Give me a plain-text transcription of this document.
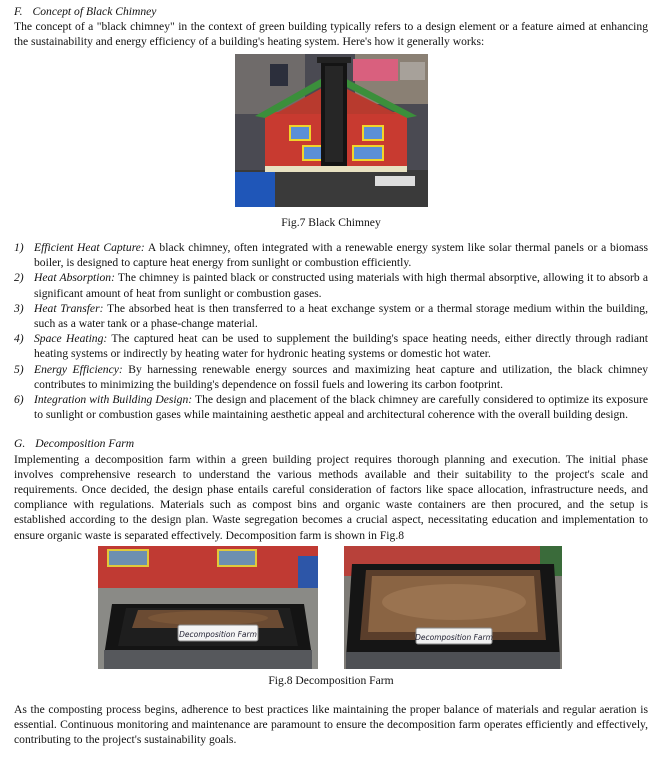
F. Concept of Black Chimney

The concept of a "black chimney" in the context of green building typically refers to a design element or a feature aimed at enhancing the sustainability and energy efficiency of a building's heating system. Here's how it generally works:

Fig.7 Black Chimney

1) Efficient Heat Capture: A black chimney, often integrated with a renewable energy system like solar thermal panels or a biomass boiler, is designed to capture heat energy from sunlight or combustion efficiently.
2) Heat Absorption: The chimney is painted black or constructed using materials with high thermal absorptive, allowing it to absorb a significant amount of heat from sunlight or combustion gases.
3) Heat Transfer: The absorbed heat is then transferred to a heat exchange system or a thermal storage medium within the building, such as a water tank or a phase-change material.
4) Space Heating: The captured heat can be used to supplement the building's space heating needs, either directly through radiant heating systems or indirectly by heating water for hydronic heating systems or domestic hot water.
5) Energy Efficiency: By harnessing renewable energy sources and maximizing heat capture and utilization, the black chimney contributes to minimizing the building's dependence on fossil fuels and lowering its carbon footprint.
6) Integration with Building Design: The design and placement of the black chimney are carefully considered to optimize its exposure to sunlight or combustion gases while maintaining aesthetic appeal and architectural coherence with the overall building design.
G. Decomposition Farm

Implementing a decomposition farm within a green building project requires thorough planning and execution. The initial phase involves comprehensive research to understand the various methods available and their suitability to the project's scale and requirements. Once decided, the design phase entails careful consideration of factors like space allocation, infrastructure needs, and compliance with regulations. Materials such as compost bins and organic waste containers are then procured, and the setup is established according to the design plan. Waste segregation becomes a crucial aspect, necessitating education and implementation to ensure organic waste is separated effectively. Decomposition farm is shown in Fig.8

Decomposition Farm	Decomposition Farm

Fig.8 Decomposition Farm

As the composting process begins, adherence to best practices like maintaining the proper balance of materials and regular aeration is essential. Continuous monitoring and maintenance are paramount to ensure the decomposition farm operates efficiently and effectively, contributing to the project's sustainability goals.
